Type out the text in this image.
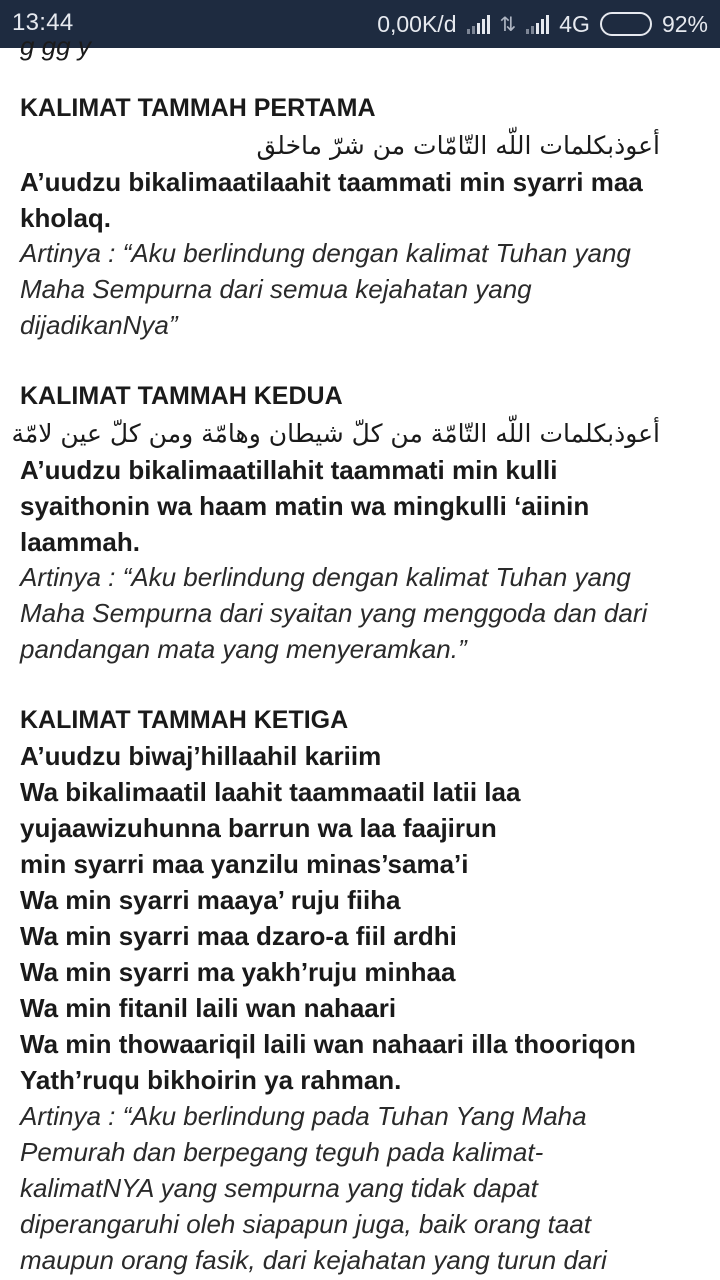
13:44	0,00K/d ⇅ 4G	92%
g gg y
KALIMAT TAMMAH PERTAMA
أعوذبكلمات اللّه التّامّات من شرّ ماخلق
A’uudzu bikalimaatilaahit taammati min syarri maa
kholaq.
Artinya : “Aku berlindung dengan kalimat Tuhan yang
Maha Sempurna dari semua kejahatan yang
dijadikanNya”
KALIMAT TAMMAH KEDUA
أعوذبكلمات اللّه التّامّة من كلّ شيطان وهامّة ومن كلّ عين لامّة
A’uudzu bikalimaatillahit taammati min kulli
syaithonin wa haam matin wa mingkulli ‘aiinin
laammah.
Artinya : “Aku berlindung dengan kalimat Tuhan yang
Maha Sempurna dari syaitan yang menggoda dan dari
pandangan mata yang menyeramkan.”
KALIMAT TAMMAH KETIGA
A’uudzu biwaj’hillaahil kariim
Wa bikalimaatil laahit taammaatil latii laa
yujaawizuhunna barrun wa laa faajirun
min syarri maa yanzilu minas’sama’i
Wa min syarri maaya’ ruju fiiha
Wa min syarri maa dzaro-a fiil ardhi
Wa min syarri ma yakh’ruju minhaa
Wa min fitanil laili wan nahaari
Wa min thowaariqil laili wan nahaari illa thooriqon
Yath’ruqu bikhoirin ya rahman.
Artinya : “Aku berlindung pada Tuhan Yang Maha
Pemurah dan berpegang teguh pada kalimat-
kalimatNYA yang sempurna yang tidak dapat
diperangaruhi oleh siapapun juga, baik orang taat
maupun orang fasik, dari kejahatan yang turun dari
